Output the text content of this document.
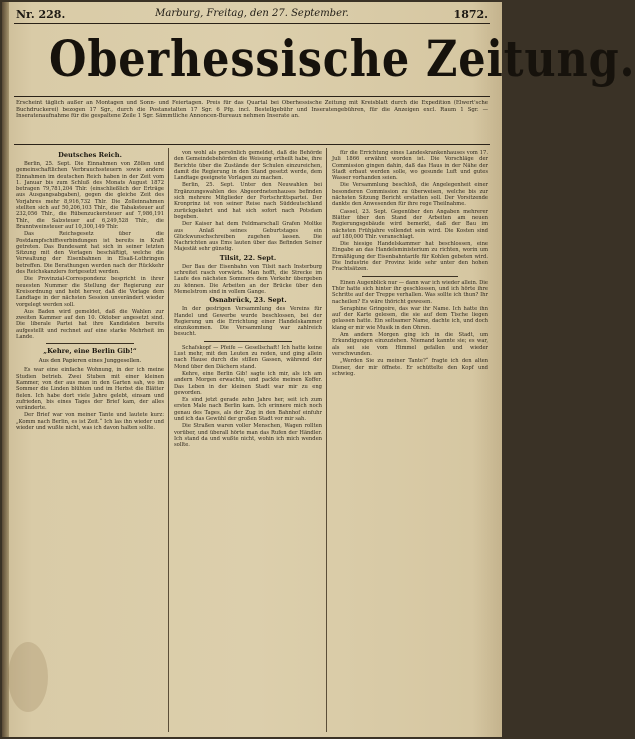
Nr. 228.	Marburg, Freitag, den 27. September.	1872.
Oberhessische Zeitung.
Erscheint täglich außer an Montagen und Sonn- und Feiertagen. Preis für das Quartal bei Oberhessische Zeitung mit Kreisblatt durch die Expedition (Elwert'sche Buchdruckerei) bezogen 17 Sgr., durch die Postanstalten 17 Sgr. 6 Pfg. incl. Bestellgebühr und Inseratengebühren, für die Anzeigen excl. Raum 1 Sgr. — Inseratenaufnahme für die gespaltene Zeile 1 Sgr. Sämmtliche Annoncen-Bureaux nehmen Inserate an.
Deutsches Reich.

Berlin, 25. Sept. Die Einnahmen von Zöllen und gemeinschaftlichen Verbrauchssteuern sowie andere Einnahmen im deutschen Reich haben in der Zeit vom 1. Januar bis zum Schluß des Monats August 1872 betragen 79,781,204 Thlr. (einschließlich der Erträge aus Ausgangsabgaben), gegen die gleiche Zeit des Vorjahres mehr 8,916,732 Thlr. Die Zolleinnahmen stellten sich auf 50,206,103 Thlr., die Tabaksteuer auf 232,056 Thlr., die Rübenzuckersteuer auf 7,986,191 Thlr., die Salzsteuer auf 6,249,528 Thlr., die Branntweinsteuer auf 10,300,149 Thlr.

Das Reichsgesetz über die Postdampfschiffsverbindungen ist bereits in Kraft getreten. Das Bundesamt hat sich in seiner letzten Sitzung mit den Vorlagen beschäftigt, welche die Verwaltung der Eisenbahnen in Elsaß-Lothringen betreffen. Die Berathungen werden nach der Rückkehr des Reichskanzlers fortgesetzt werden.

Die Provinzial-Correspondenz bespricht in ihrer neuesten Nummer die Stellung der Regierung zur Kreisordnung und hebt hervor, daß die Vorlage dem Landtage in der nächsten Session unverändert wieder vorgelegt werden soll.

Aus Baden wird gemeldet, daß die Wahlen zur zweiten Kammer auf den 10. Oktober angesetzt sind. Die liberale Partei hat ihre Kandidaten bereits aufgestellt und rechnet auf eine starke Mehrheit im Lande.

„Kehre, eine Berlin Gib!“
Aus den Papieren eines Junggesellen.

Es war eine einfache Wohnung, in der ich meine Studien betrieb. Zwei Stuben mit einer kleinen Kammer, von der aus man in den Garten sah, wo im Sommer die Linden blühten und im Herbst die Blätter fielen. Ich habe dort viele Jahre gelebt, einsam und zufrieden, bis eines Tages der Brief kam, der alles veränderte.

Der Brief war von meiner Tante und lautete kurz: „Komm nach Berlin, es ist Zeit.“ Ich las ihn wieder und wieder und wußte nicht, was ich davon halten sollte.

von wohl als persönlich gemeldet, daß die Behörde den Gemeindebehörden die Weisung ertheilt habe, ihre Berichte über die Zustände der Schulen einzureichen, damit die Regierung in den Stand gesetzt werde, dem Landtage geeignete Vorlagen zu machen.

Berlin, 25. Sept. Unter den Neuwahlen bei Ergänzungswahlen des Abgeordnetenhauses befinden sich mehrere Mitglieder der Fortschrittspartei. Der Kronprinz ist von seiner Reise nach Süddeutschland zurückgekehrt und hat sich sofort nach Potsdam begeben.

Der Kaiser hat dem Feldmarschall Grafen Moltke aus Anlaß seines Geburtstages ein Glückwunschschreiben zugehen lassen. Die Nachrichten aus Ems lauten über das Befinden Seiner Majestät sehr günstig.

Tilsit, 22. Sept.

Der Bau der Eisenbahn von Tilsit nach Insterburg schreitet rasch vorwärts. Man hofft, die Strecke im Laufe des nächsten Sommers dem Verkehr übergeben zu können. Die Arbeiten an der Brücke über den Memelstrom sind in vollem Gange.

Osnabrück, 23. Sept.

In der gestrigen Versammlung des Vereins für Handel und Gewerbe wurde beschlossen, bei der Regierung um die Errichtung einer Handelskammer einzukommen. Die Versammlung war zahlreich besucht.

Schafskopf — Pfeife — Gesellschaft! Ich hatte keine Lust mehr, mit den Leuten zu reden, und ging allein nach Hause durch die stillen Gassen, während der Mond über den Dächern stand.

Kehre, eine Berlin Gib! sagte ich mir, als ich am andern Morgen erwachte, und packte meinen Koffer. Das Leben in der kleinen Stadt war mir zu eng geworden.

Es sind jetzt gerade zehn Jahre her, seit ich zum ersten Male nach Berlin kam. Ich erinnere mich noch genau des Tages, als der Zug in den Bahnhof einfuhr und ich das Gewühl der großen Stadt vor mir sah.

Die Straßen waren voller Menschen, Wagen rollten vorüber, und überall hörte man das Rufen der Händler. Ich stand da und wußte nicht, wohin ich mich wenden sollte.

für die Errichtung eines Landeskrankenhauses vom 17. Juli 1866 erwähnt worden ist. Die Vorschläge der Commission gingen dahin, daß das Haus in der Nähe der Stadt erbaut werden solle, wo gesunde Luft und gutes Wasser vorhanden seien.

Die Versammlung beschloß, die Angelegenheit einer besonderen Commission zu überweisen, welche bis zur nächsten Sitzung Bericht erstatten soll. Der Vorsitzende dankte den Anwesenden für ihre rege Theilnahme.

Cassel, 23. Sept. Gegenüber den Angaben mehrerer Blätter über den Stand der Arbeiten am neuen Regierungsgebäude wird bemerkt, daß der Bau im nächsten Frühjahre vollendet sein wird. Die Kosten sind auf 180,000 Thlr. veranschlagt.

Die hiesige Handelskammer hat beschlossen, eine Eingabe an das Handelsministerium zu richten, worin um Ermäßigung der Eisenbahntarife für Kohlen gebeten wird. Die Industrie der Provinz leide sehr unter den hohen Frachtsätzen.

Einen Augenblick nur — dann war ich wieder allein. Die Thür hatte sich hinter ihr geschlossen, und ich hörte ihre Schritte auf der Treppe verhallen. Was sollte ich thun? Ihr nacheilen? Es wäre thöricht gewesen.

Seraphine Gringoire, das war ihr Name. Ich hatte ihn auf der Karte gelesen, die sie auf dem Tische liegen gelassen hatte. Ein seltsamer Name, dachte ich, und doch klang er mir wie Musik in den Ohren.

Am andern Morgen ging ich in die Stadt, um Erkundigungen einzuziehen. Niemand kannte sie; es war, als sei sie vom Himmel gefallen und wieder verschwunden.

„Werden Sie zu meiner Tante?“ fragte ich den alten Diener, der mir öffnete. Er schüttelte den Kopf und schwieg.
